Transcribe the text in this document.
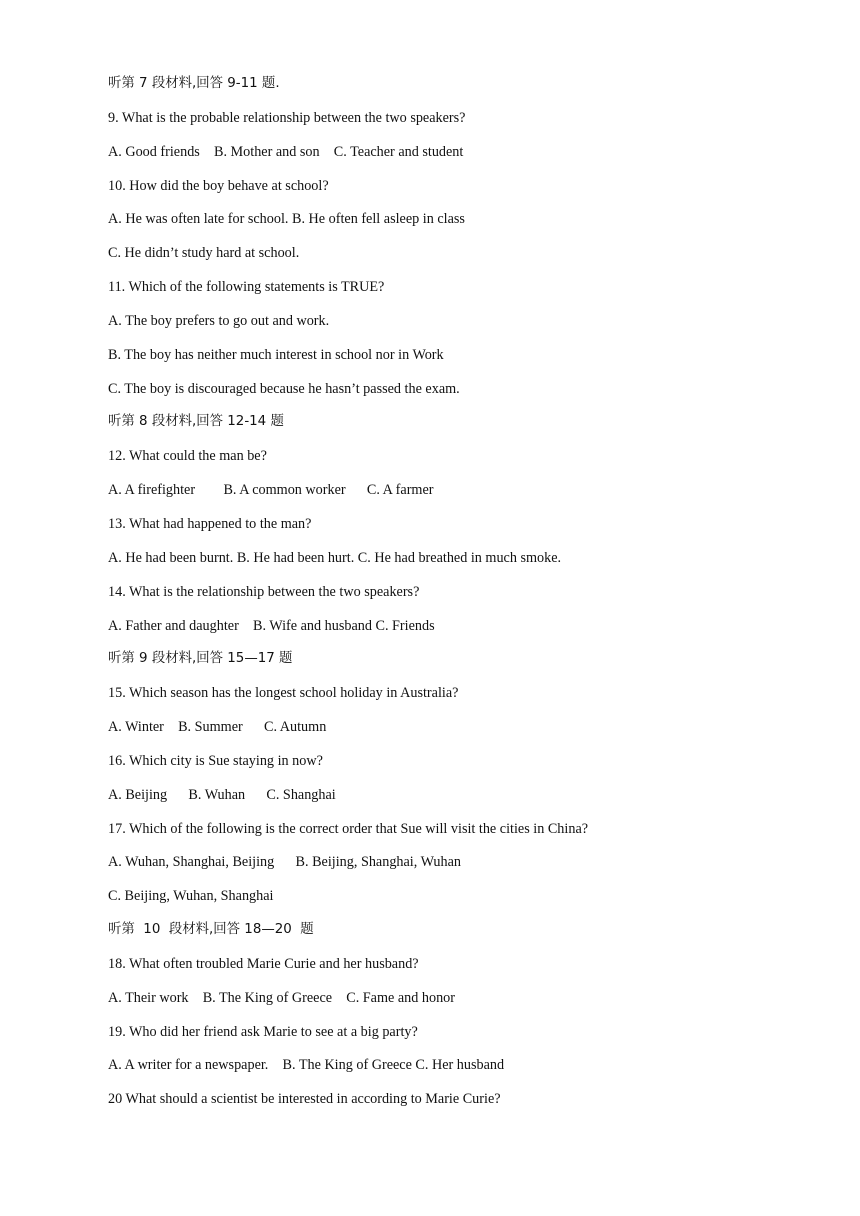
听第 7 段材料,回答 9-11 题.
9. What is the probable relationship between the two speakers?
A. Good friends    B. Mother and son    C. Teacher and student
10. How did the boy behave at school?
A. He was often late for school. B. He often fell asleep in class
C. He didn’t study hard at school.
11. Which of the following statements is TRUE?
A. The boy prefers to go out and work.
B. The boy has neither much interest in school nor in Work
C. The boy is discouraged because he hasn’t passed the exam.
听第 8 段材料,回答 12-14 题
12. What could the man be?
A. A firefighter        B. A common worker      C. A farmer
13. What had happened to the man?
A. He had been burnt. B. He had been hurt. C. He had breathed in much smoke.
14. What is the relationship between the two speakers?
A. Father and daughter    B. Wife and husband C. Friends
听第 9 段材料,回答 15—17 题
15. Which season has the longest school holiday in Australia?
A. Winter    B. Summer      C. Autumn
16. Which city is Sue staying in now?
A. Beijing      B. Wuhan      C. Shanghai
17. Which of the following is the correct order that Sue will visit the cities in China?
A. Wuhan, Shanghai, Beijing      B. Beijing, Shanghai, Wuhan
C. Beijing, Wuhan, Shanghai
听第  10  段材料,回答 18—20  题
18. What often troubled Marie Curie and her husband?
A. Their work    B. The King of Greece    C. Fame and honor
19. Who did her friend ask Marie to see at a big party?
A. A writer for a newspaper.    B. The King of Greece C. Her husband
20 What should a scientist be interested in according to Marie Curie?
